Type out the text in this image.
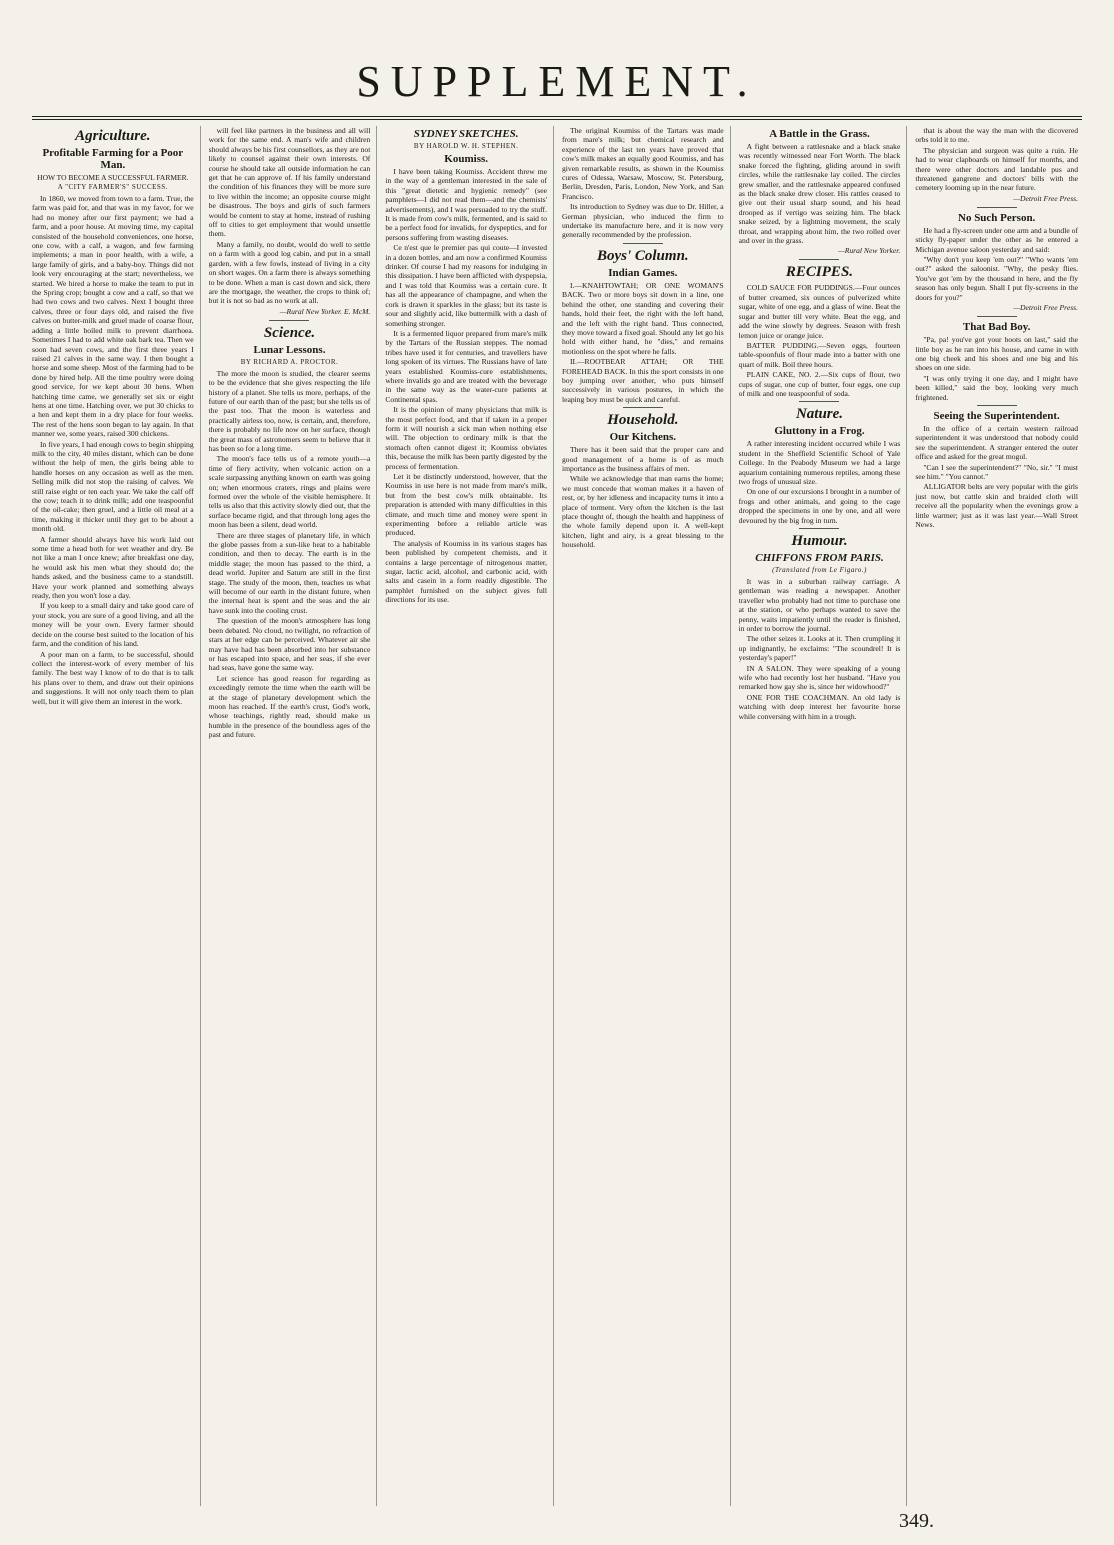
SUPPLEMENT.
Agriculture.
Profitable Farming for a Poor Man.
HOW TO BECOME A SUCCESSFUL FARMER.
A "CITY FARMER'S" SUCCESS.

In 1860, we moved from town to a farm. True, the farm was paid for, and that was in my favor, for we had no money after our first payment; we had a farm, and a poor house. At moving time, my capital consisted of the household conveniences, one horse, one cow, with a calf, a wagon, and few farming implements; a man in poor health, with a wife, a large family of girls, and a baby-boy. Things did not look very encouraging at the start; nevertheless, we started. We hired a horse to make the team to put in the Spring crop; bought a cow and a calf, so that we had two cows and two calves. Next I bought three calves, three or four days old, and raised the five calves on butter-milk and gruel made of coarse flour, adding a little boiled milk to prevent diarrhoea. Sometimes I had to add white oak bark tea. Then we soon had seven cows, and the first three years I raised 21 calves in the same way. I then bought a horse and some sheep. Most of the farming had to be done by hired help. All the time poultry were doing good service, for we kept about 30 hens. When hatching time came, we generally set six or eight hens at one time. Hatching over, we put 30 chicks to a hen and kept them in a dry place for four weeks. The rest of the hens soon began to lay again. In that manner we, some years, raised 300 chickens.

In five years, I had enough cows to begin shipping milk to the city, 40 miles distant, which can be done without the help of men, the girls being able to handle horses on any occasion as well as the men. Selling milk did not stop the raising of calves. We still raise eight or ten each year. We take the calf off the cow; teach it to drink milk; add one teaspoonful of the oil-cake; then gruel, and a little oil meal at a time, making it thicker until they get to be about a month old.

A farmer should always have his work laid out some time a head both for wet weather and dry. Be not like a man I once knew; after breakfast one day, he would ask his men what they should do; the hands asked, and the business came to a standstill. Have your work planned and something always ready, then you won't lose a day.

If you keep to a small dairy and take good care of your stock, you are sure of a good living, and all the money will be your own. Every farmer should decide on the course best suited to the location of his farm, and the condition of his land.

A poor man on a farm, to be successful, should collect the interest-work of every member of his family. The best way I know of to do that is to talk his plans over to them, and draw out their opinions and suggestions. It will not only teach them to plan well, but it will give them an interest in the work.

will feel like partners in the business and all will work for the same end. A man's wife and children should always be his first counsellors, as they are not likely to counsel against their own interests. Of course he should take all outside information he can get that he can approve of. If his family understand the condition of his finances they will be more sure to live within the income; an opposite course might be disastrous. The boys and girls of such farmers would be content to stay at home, instead of rushing off to cities to get employment that would unsettle them.

Many a family, no doubt, would do well to settle on a farm with a good log cabin, and put in a small garden, with a few fowls, instead of living in a city on short wages. On a farm there is always something to be done. When a man is cast down and sick, there are the mortgage, the weather, the crops to think of; but it is not so bad as no work at all.

—Rural New Yorker. E. McM.
Science.
Lunar Lessons.
BY RICHARD A. PROCTOR.

The more the moon is studied, the clearer seems to be the evidence that she gives respecting the life history of a planet. She tells us more, perhaps, of the future of our earth than of the past; but she tells us of the past too. That the moon is waterless and practically airless too, now, is certain, and, therefore, there is probably no life now on her surface, though the great mass of astronomers seem to believe that it has been so for a long time.

The moon's face tells us of a remote youth—a time of fiery activity, when volcanic action on a scale surpassing anything known on earth was going on; when enormous craters, rings and plains were formed over the whole of the visible hemisphere. It tells us also that this activity slowly died out, that the surface became rigid, and that through long ages the moon has been a silent, dead world.

There are three stages of planetary life, in which the globe passes from a sun-like heat to a habitable condition, and then to decay. The earth is in the middle stage; the moon has passed to the third, a dead world. Jupiter and Saturn are still in the first stage. The study of the moon, then, teaches us what will become of our earth in the distant future, when the internal heat is spent and the seas and the air have sunk into the cooling crust.

The question of the moon's atmosphere has long been debated. No cloud, no twilight, no refraction of stars at her edge can be perceived. Whatever air she may have had has been absorbed into her substance or has escaped into space, and her seas, if she ever had seas, have gone the same way.

Let science has good reason for regarding as exceedingly remote the time when the earth will be at the stage of planetary development which the moon has reached. If the earth's crust, God's work, whose teachings, rightly read, should make us humble in the presence of the boundless ages of the past and future.

SYDNEY SKETCHES.
BY HAROLD W. H. STEPHEN.
Koumiss.

I have been taking Koumiss. Accident threw me in the way of a gentleman interested in the sale of this "great dietetic and hygienic remedy" (see pamphlets—I did not read them—and the chemists' advertisements), and I was persuaded to try the stuff. It is made from cow's milk, fermented, and is said to be a perfect food for invalids, for dyspeptics, and for persons suffering from wasting diseases.

Ce n'est que le premier pas qui coute—I invested in a dozen bottles, and am now a confirmed Koumiss drinker. Of course I had my reasons for indulging in this dissipation. I have been afflicted with dyspepsia, and I was told that Koumiss was a certain cure. It has all the appearance of champagne, and when the cork is drawn it sparkles in the glass; but its taste is sour and slightly acid, like buttermilk with a dash of something stronger.

It is a fermented liquor prepared from mare's milk by the Tartars of the Russian steppes. The nomad tribes have used it for centuries, and travellers have long spoken of its virtues. The Russians have of late years established Koumiss-cure establishments, where invalids go and are treated with the beverage in the same way as the water-cure patients at Continental spas.

It is the opinion of many physicians that milk is the most perfect food, and that if taken in a proper form it will nourish a sick man when nothing else will. The objection to ordinary milk is that the stomach often cannot digest it; Koumiss obviates this, because the milk has been partly digested by the process of fermentation.

Let it be distinctly understood, however, that the Koumiss in use here is not made from mare's milk, but from the best cow's milk obtainable. Its preparation is attended with many difficulties in this climate, and much time and money were spent in experimenting before a reliable article was produced.

The analysis of Koumiss in its various stages has been published by competent chemists, and it contains a large percentage of nitrogenous matter, sugar, lactic acid, alcohol, and carbonic acid, with salts and casein in a form readily digestible. The pamphlet furnished on the subject gives full directions for its use.

The original Koumiss of the Tartars was made from mare's milk; but chemical research and experience of the last ten years have proved that cow's milk makes an equally good Koumiss, and has given remarkable results, as shown in the Koumiss cures of Odessa, Warsaw, Moscow, St. Petersburg, Berlin, Dresden, Paris, London, New York, and San Francisco.

Its introduction to Sydney was due to Dr. Hiller, a German physician, who induced the firm to undertake its manufacture here, and it is now very generally recommended by the profession.

Boys' Column.
Indian Games.

I.—KNAHTOWTAH; OR ONE WOMAN'S BACK. Two or more boys sit down in a line, one behind the other, one standing and covering their hands, hold their feet, the right with the left hand, and the left with the right hand. Thus connected, they move toward a fixed goal. Should any let go his hold with either hand, he "dies," and remains motionless on the spot where he falls.

II.—ROOTBEAR ATTAH; OR THE FOREHEAD BACK. In this the sport consists in one boy jumping over another, who puts himself successively in various postures, in which the leaping boy must be quick and careful.

Household.
Our Kitchens.

There has it been said that the proper care and good management of a home is of as much importance as the business affairs of men.

While we acknowledge that man earns the home; we must concede that woman makes it a haven of rest, or, by her idleness and incapacity turns it into a place of torment. Very often the kitchen is the last place thought of, though the health and happiness of the whole family depend upon it. A well-kept kitchen, light and airy, is a great blessing to the household.

A Battle in the Grass.

A fight between a rattlesnake and a black snake was recently witnessed near Fort Worth. The black snake forced the fighting, gliding around in swift circles, while the rattlesnake lay coiled. The circles grew smaller, and the rattlesnake appeared confused as the black snake drew closer. His rattles ceased to give out their usual sharp sound, and his head drooped as if vertigo was seizing him. The black snake seized, by a lightning movement, the scaly throat, and wrapping about him, the two rolled over and over in the grass.

—Rural New Yorker.
RECIPES.

COLD SAUCE FOR PUDDINGS.—Four ounces of butter creamed, six ounces of pulverized white sugar, white of one egg, and a glass of wine. Beat the sugar and butter till very white. Beat the egg, and add the wine slowly by degrees. Season with fresh lemon juice or orange juice.

BATTER PUDDING.—Seven eggs, fourteen table-spoonfuls of flour made into a batter with one quart of milk. Boil three hours.

PLAIN CAKE, NO. 2.—Six cups of flour, two cups of sugar, one cup of butter, four eggs, one cup of milk and one teaspoonful of soda.

Nature.
Gluttony in a Frog.

A rather interesting incident occurred while I was student in the Sheffield Scientific School of Yale College. In the Peabody Museum we had a large aquarium containing numerous reptiles, among these two frogs of unusual size.

On one of our excursions I brought in a number of frogs and other animals, and going to the cage dropped the specimens in one by one, and all were devoured by the big frog in turn.

Humour.
CHIFFONS FROM PARIS.
(Translated from Le Figaro.)

It was in a suburban railway carriage. A gentleman was reading a newspaper. Another traveller who probably had not time to purchase one at the station, or who perhaps wanted to save the penny, waits impatiently until the reader is finished, in order to borrow the journal.

The other seizes it. Looks at it. Then crumpling it up indignantly, he exclaims: "The scoundrel! It is yesterday's paper!"

IN A SALON. They were speaking of a young wife who had recently lost her husband. "Have you remarked how gay she is, since her widowhood?"

ONE FOR THE COACHMAN. An old lady is watching with deep interest her favourite horse while conversing with him in a trough.

that is about the way the man with the dicovered orbs told it to me.

The physician and surgeon was quite a ruin. He had to wear clapboards on himself for months, and there were other doctors and landable pus and threatened gangrene and doctors' bills with the cemetery looming up in the near future.

—Detroit Free Press.
No Such Person.

He had a fly-screen under one arm and a bundle of sticky fly-paper under the other as he entered a Michigan avenue saloon yesterday and said:

"Why don't you keep 'em out?" "Who wants 'em out?" asked the saloonist. "Why, the pesky flies. You've got 'em by the thousand in here, and the fly season has only begun. Shall I put fly-screens in the doors for you?"

—Detroit Free Press.
That Bad Boy.

"Pa, pa! you've got your boots on last," said the little boy as he ran into his house, and came in with one big cheek and his shoes and one big and his shoes on one side.

"I was only trying it one day, and I might have been killed," said the boy, looking very much frightened.

Seeing the Superintendent.

In the office of a certain western railroad superintendent it was understood that nobody could see the superintendent. A stranger entered the outer office and asked for the great mogul.

"Can I see the superintendent?" "No, sir." "I must see him." "You cannot."

ALLIGATOR belts are very popular with the girls just now, but cattle skin and braided cloth will receive all the popularity when the evenings grow a little warmer; just as it was last year.—Wall Street News.

349.
